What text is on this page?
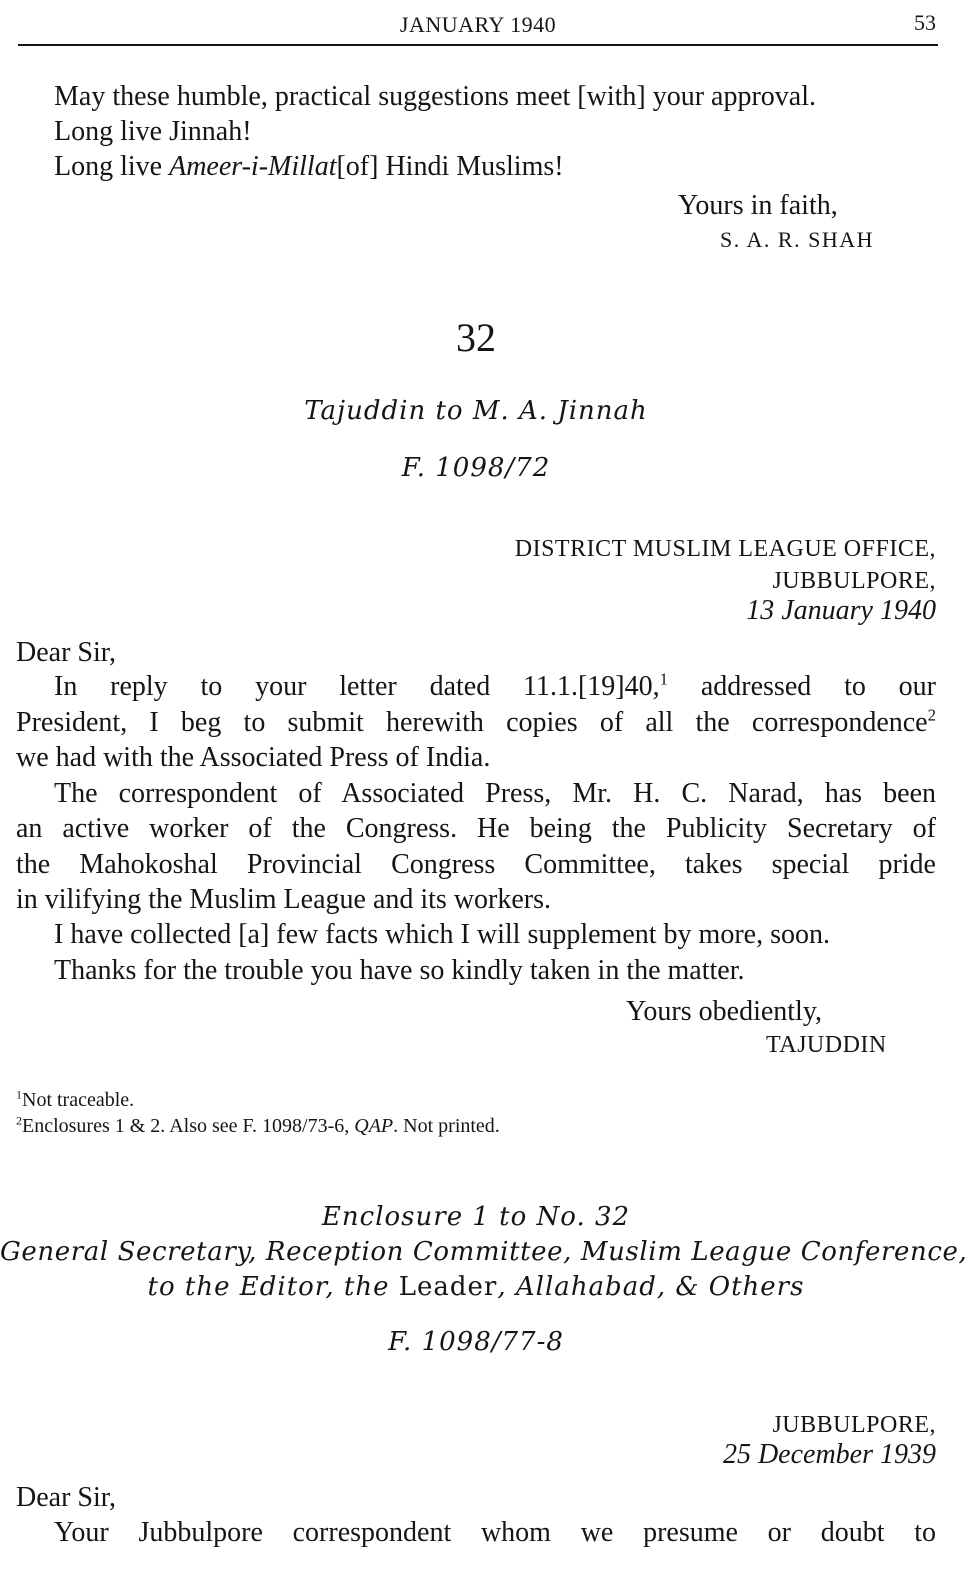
JANUARY 1940	53
May these humble, practical suggestions meet [with] your approval.
Long live Jinnah!
Long live Ameer-i-Millat[of] Hindi Muslims!
Yours in faith,
S. A. R. SHAH
32
Tajuddin to M. A. Jinnah
F. 1098/72
DISTRICT MUSLIM LEAGUE OFFICE,
JUBBULPORE,
13 January 1940
Dear Sir,
In reply to your letter dated 11.1.[19]40,$^1$ addressed to our
President, I beg to submit herewith copies of all the correspondence$^2$
we had with the Associated Press of India.
The correspondent of Associated Press, Mr. H. C. Narad, has been
an active worker of the Congress. He being the Publicity Secretary of
the Mahokoshal Provincial Congress Committee, takes special pride
in vilifying the Muslim League and its workers.
I have collected [a] few facts which I will supplement by more, soon.
Thanks for the trouble you have so kindly taken in the matter.
Yours obediently,
TAJUDDIN
$^1$Not traceable.
$^2$Enclosures 1 & 2. Also see F. 1098/73-6, QAP. Not printed.
Enclosure 1 to No. 32
General Secretary, Reception Committee, Muslim League Conference,
to the Editor, the Leader, Allahabad, & Others
F. 1098/77-8
JUBBULPORE,
25 December 1939
Dear Sir,
Your Jubbulpore correspondent whom we presume or doubt to
